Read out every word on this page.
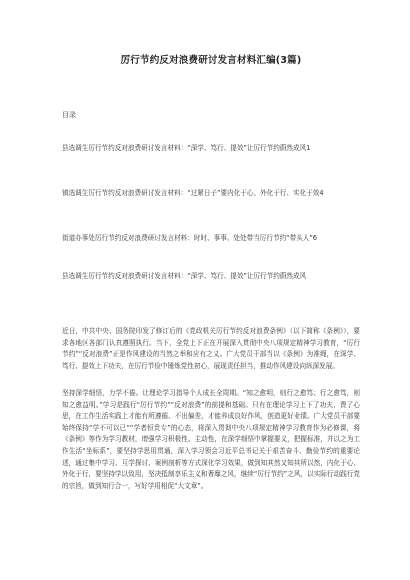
厉行节约反对浪费研讨发言材料汇编(3篇)
目录
县选调生厉行节约反对浪费研讨发言材料：“深学、笃行、提效”让厉行节约蔚然成风1
镇选调生厉行节约反对浪费研讨发言材料：“过紧日子”要内化于心、外化于行、实化于效4
街道办事处厉行节约反对浪费研讨发言材料：时时、事事、处处带当厉行节约“带头人”6
县选调生厉行节约反对浪费研讨发言材料：“深学、笃行、提效”让厉行节约蔚然成风
近日，中共中央、国务院印发了修订后的《党政机关厉行节约反对浪费条例》（以下简称《条例》），要求各地区各部门认真遵照执行。当下，全党上下正在开展深入贯彻中央八项规定精神学习教育，“厉行节约”“反对浪费”正是作风建设的当然之举和应有之义。广大党员干部当以《条例》为准绳，在深学、笃行、提效上下功夫，在厉行节俭中锤炼党性初心，展现责任担当，推动作风建设向纵深发展。
坚持深学细悟，力学不倦。让理论学习指导个人成长全周期。“知之愈明，则行之愈笃；行之愈笃，则知之愈益明。”学习是践行“厉行节约”“反对浪费”的前提和基础。只有在理论学习上下了功夫、费了心思，在工作生活实践上才能有所遵循、不出偏差，才能养成良好作风，创造更好业绩。广大党员干部要始终保持“学不可以已”“学者恒贵专”的心态，将深入贯彻中央八项规定精神学习教育作为必修课，将《条例》等作为学习教材，增强学习积极性、主动性，在深学细悟中掌握要义，把握标准，并以之为工作生活“坐标系”，要坚持学思用贯通，深入学习领会习近平总书记关于艰苦奋斗、勤俭节约的重要论述，通过集中学习、互学探讨、案例剖析等方式深化学习效果，做到知其然又知其所以然，内化于心、外化于行，要坚持学以致用，坚决抵制享乐主义和奢靡之风，继续“厉行节约”之风，以实际行动践行党的宗旨，做到知行合一，写好学用相促“大文章”。
